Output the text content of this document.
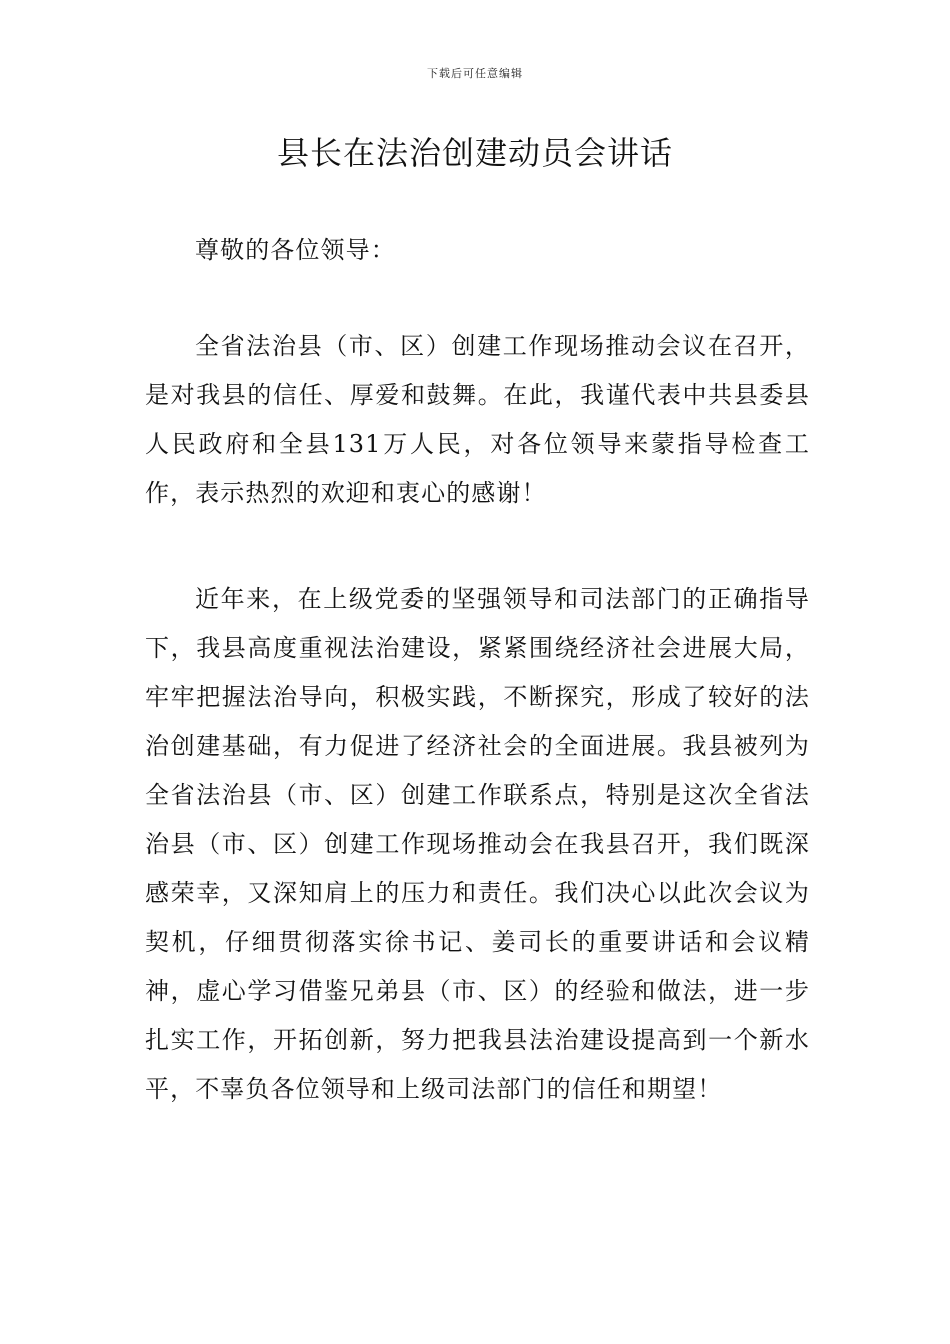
下载后可任意编辑
县长在法治创建动员会讲话

尊敬的各位领导：

全省法治县（市、区）创建工作现场推动会议在召开，是对我县的信任、厚爱和鼓舞。在此，我谨代表中共县委县人民政府和全县131万人民，对各位领导来蒙指导检查工作，表示热烈的欢迎和衷心的感谢！

近年来，在上级党委的坚强领导和司法部门的正确指导下，我县高度重视法治建设，紧紧围绕经济社会进展大局，牢牢把握法治导向，积极实践，不断探究，形成了较好的法治创建基础，有力促进了经济社会的全面进展。我县被列为全省法治县（市、区）创建工作联系点，特别是这次全省法治县（市、区）创建工作现场推动会在我县召开，我们既深感荣幸，又深知肩上的压力和责任。我们决心以此次会议为契机，仔细贯彻落实徐书记、姜司长的重要讲话和会议精神，虚心学习借鉴兄弟县（市、区）的经验和做法，进一步扎实工作，开拓创新，努力把我县法治建设提高到一个新水平，不辜负各位领导和上级司法部门的信任和期望！
